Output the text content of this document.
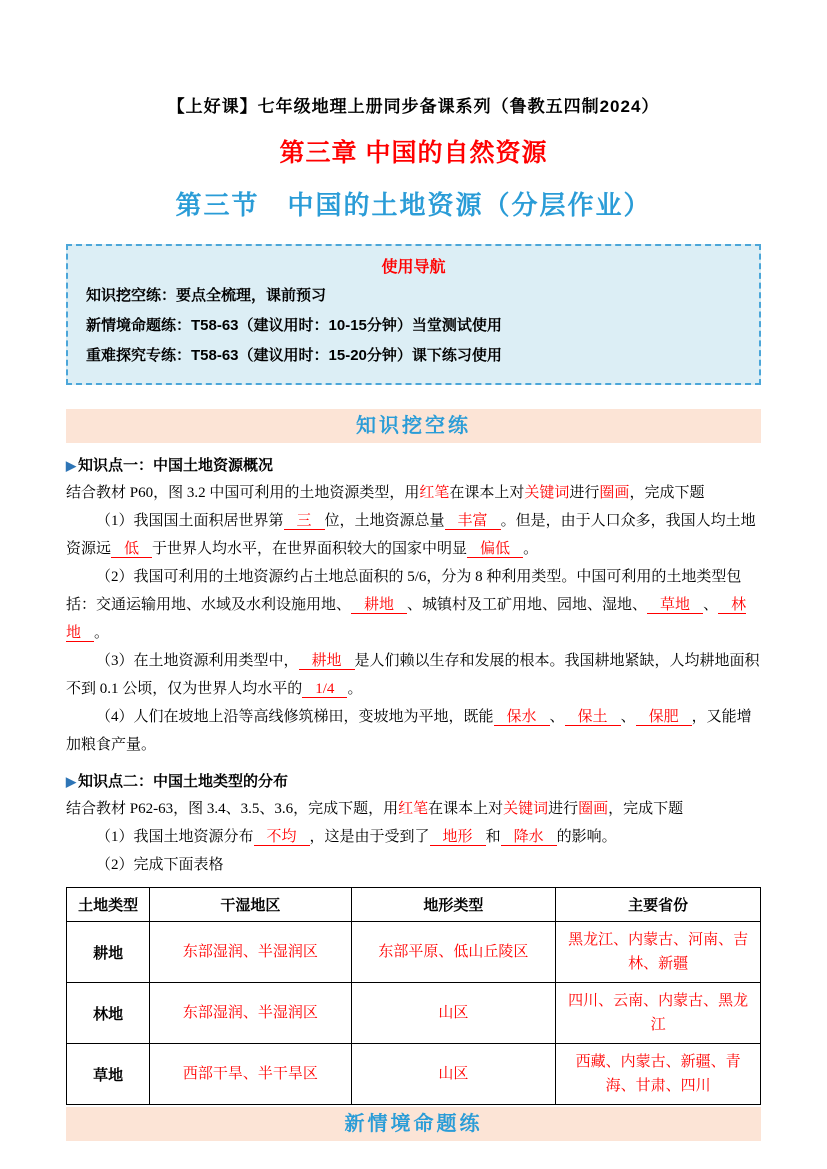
【上好课】七年级地理上册同步备课系列（鲁教五四制2024）
第三章 中国的自然资源
第三节　中国的土地资源（分层作业）
使用导航
知识挖空练：要点全梳理，课前预习
新情境命题练：T58-63（建议用时：10-15分钟）当堂测试使用
重难探究专练：T58-63（建议用时：15-20分钟）课下练习使用
知识挖空练
▶ 知识点一：中国土地资源概况
结合教材 P60，图 3.2 中国可利用的土地资源类型，用红笔在课本上对关键词进行圈画，完成下题
（1）我国国土面积居世界第 三 位，土地资源总量 丰富 。但是，由于人口众多，我国人均土地资源远 低 于世界人均水平，在世界面积较大的国家中明显 偏低 。
（2）我国可利用的土地资源约占土地总面积的 5/6，分为 8 种利用类型。中国可利用的土地类型包括：交通运输用地、水域及水利设施用地、 耕地 、城镇村及工矿用地、园地、湿地、 草地 、 林地 。
（3）在土地资源利用类型中， 耕地 是人们赖以生存和发展的根本。我国耕地紧缺，人均耕地面积不到 0.1 公顷，仅为世界人均水平的 1/4 。
（4）人们在坡地上沿等高线修筑梯田，变坡地为平地，既能 保水 、 保土 、 保肥 ，又能增加粮食产量。
▶ 知识点二：中国土地类型的分布
结合教材 P62-63，图 3.4、3.5、3.6，完成下题，用红笔在课本上对关键词进行圈画，完成下题
（1）我国土地资源分布 不均 ，这是由于受到了 地形 和 降水 的影响。
（2）完成下面表格
土地类型	干湿地区	地形类型	主要省份
耕地	东部湿润、半湿润区	东部平原、低山丘陵区	黑龙江、内蒙古、河南、吉林、新疆
林地	东部湿润、半湿润区	山区	四川、云南、内蒙古、黑龙江
草地	西部干旱、半干旱区	山区	西藏、内蒙古、新疆、青海、甘肃、四川
新情境命题练
